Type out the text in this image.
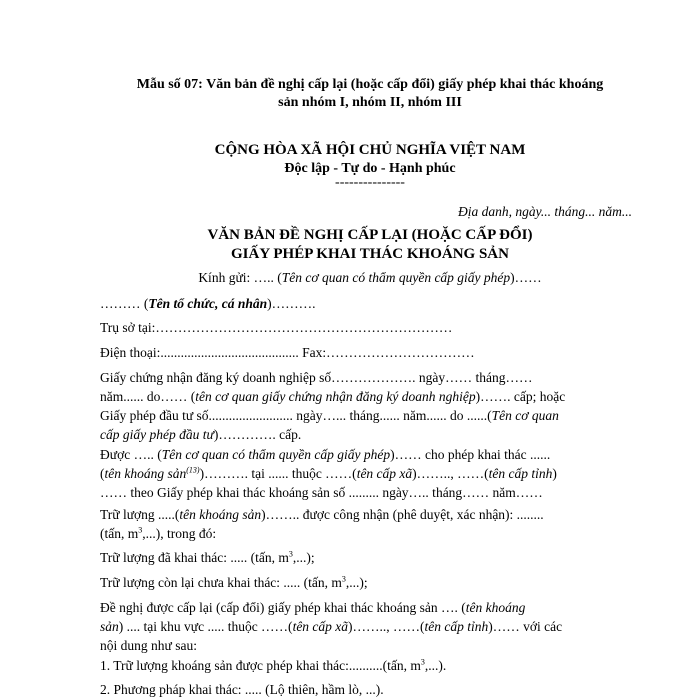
Mẫu số 07: Văn bản đề nghị cấp lại (hoặc cấp đổi) giấy phép khai thác khoáng
sản nhóm I, nhóm II, nhóm III
CỘNG HÒA XÃ HỘI CHỦ NGHĨA VIỆT NAM
Độc lập - Tự do - Hạnh phúc
---------------
Địa danh, ngày... tháng... năm...
VĂN BẢN ĐỀ NGHỊ CẤP LẠI (HOẶC CẤP ĐỔI)
GIẤY PHÉP KHAI THÁC KHOÁNG SẢN
Kính gửi: ….. (Tên cơ quan có thẩm quyền cấp giấy phép)……
……… (Tên tổ chức, cá nhân)……….
Trụ sở tại:…………………………………………………………
Điện thoại:......................................... Fax:……………………………
Giấy chứng nhận đăng ký doanh nghiệp số………………. ngày…… tháng……
năm...... do…… (tên cơ quan giấy chứng nhận đăng ký doanh nghiệp)……. cấp; hoặc
Giấy phép đầu tư số......................... ngày…... tháng...... năm...... do ......(Tên cơ quan
cấp giấy phép đầu tư)…………. cấp.
Được ….. (Tên cơ quan có thẩm quyền cấp giấy phép)…… cho phép khai thác ......
(tên khoáng sản$^{(13)}$)………. tại ...... thuộc ……(tên cấp xã)…….., ……(tên cấp tỉnh)
…… theo Giấy phép khai thác khoáng sản số ......... ngày….. tháng…… năm……
Trữ lượng .....(tên khoáng sản)…….. được công nhận (phê duyệt, xác nhận): ........
(tấn, $m^3$,...), trong đó:
Trữ lượng đã khai thác: ..... (tấn, $m^3$,...);
Trữ lượng còn lại chưa khai thác: ..... (tấn, $m^3$,...);
Đề nghị được cấp lại (cấp đổi) giấy phép khai thác khoáng sản …. (tên khoáng
sản) .... tại khu vực ..... thuộc ……(tên cấp xã)…….., ……(tên cấp tỉnh)…… với các
nội dung như sau:
1. Trữ lượng khoáng sản được phép khai thác:..........(tấn, $m^3$,...).
2. Phương pháp khai thác: ..... (Lộ thiên, hầm lò, ...).
